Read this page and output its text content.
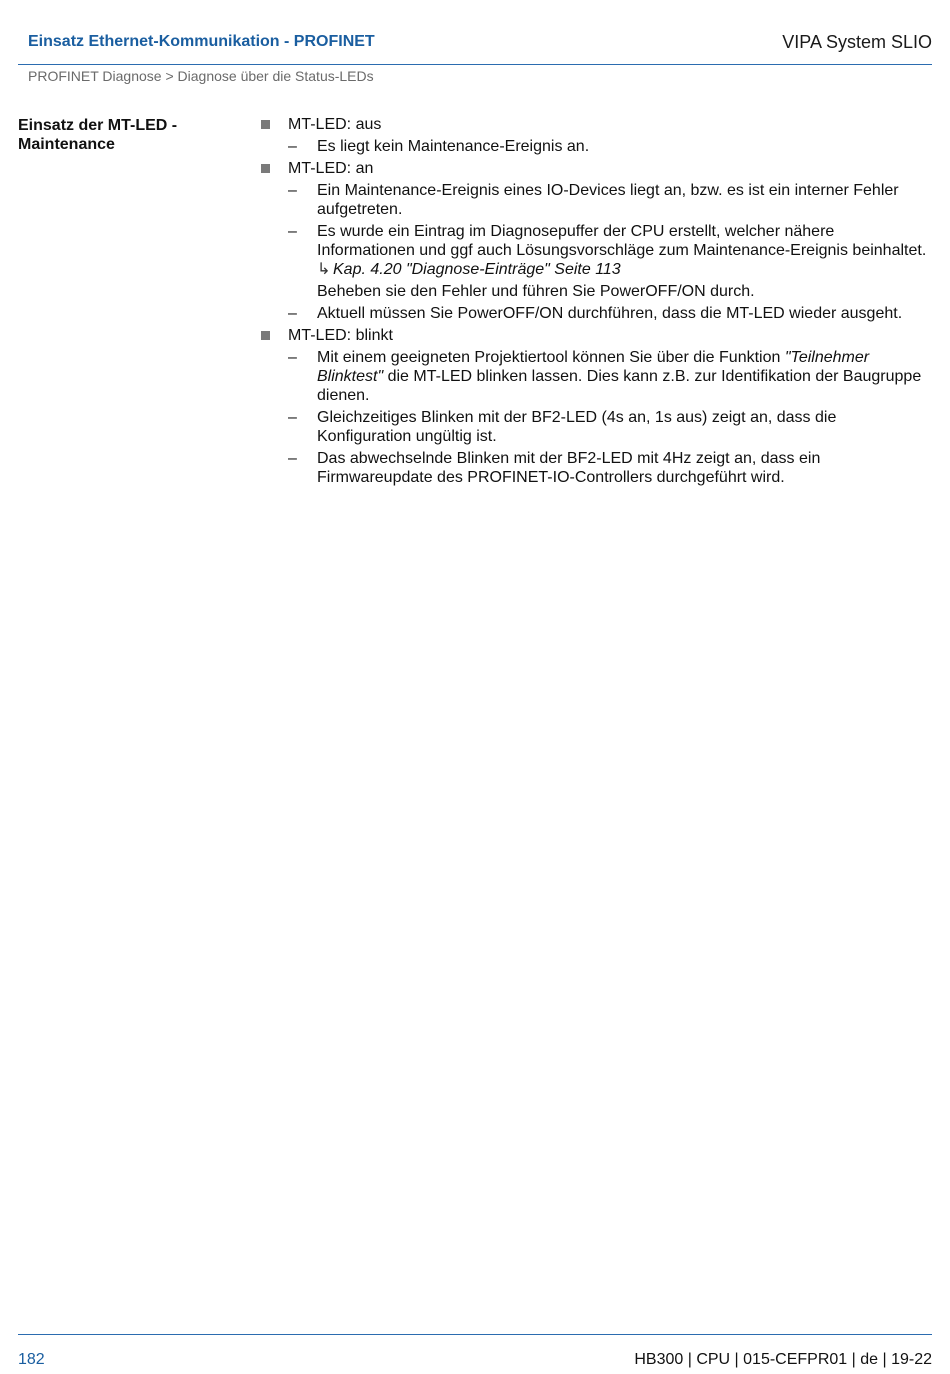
Einsatz Ethernet-Kommunikation - PROFINET	VIPA System SLIO
PROFINET Diagnose > Diagnose über die Status-LEDs
Einsatz der MT-LED - Maintenance
MT-LED: aus
– Es liegt kein Maintenance-Ereignis an.
MT-LED: an
– Ein Maintenance-Ereignis eines IO-Devices liegt an, bzw. es ist ein interner Fehler aufgetreten.
– Es wurde ein Eintrag im Diagnosepuffer der CPU erstellt, welcher nähere Informationen und ggf auch Lösungsvorschläge zum Maintenance-Ereignis beinhaltet.
↳ Kap. 4.20 "Diagnose-Einträge" Seite 113
Beheben sie den Fehler und führen Sie PowerOFF/ON durch.
– Aktuell müssen Sie PowerOFF/ON durchführen, dass die MT-LED wieder ausgeht.
MT-LED: blinkt
– Mit einem geeigneten Projektiertool können Sie über die Funktion "Teilnehmer Blinktest" die MT-LED blinken lassen. Dies kann z.B. zur Identifikation der Baugruppe dienen.
– Gleichzeitiges Blinken mit der BF2-LED (4s an, 1s aus) zeigt an, dass die Konfiguration ungültig ist.
– Das abwechselnde Blinken mit der BF2-LED mit 4Hz zeigt an, dass ein Firmwareupdate des PROFINET-IO-Controllers durchgeführt wird.
182	HB300 | CPU | 015-CEFPR01 | de | 19-22
